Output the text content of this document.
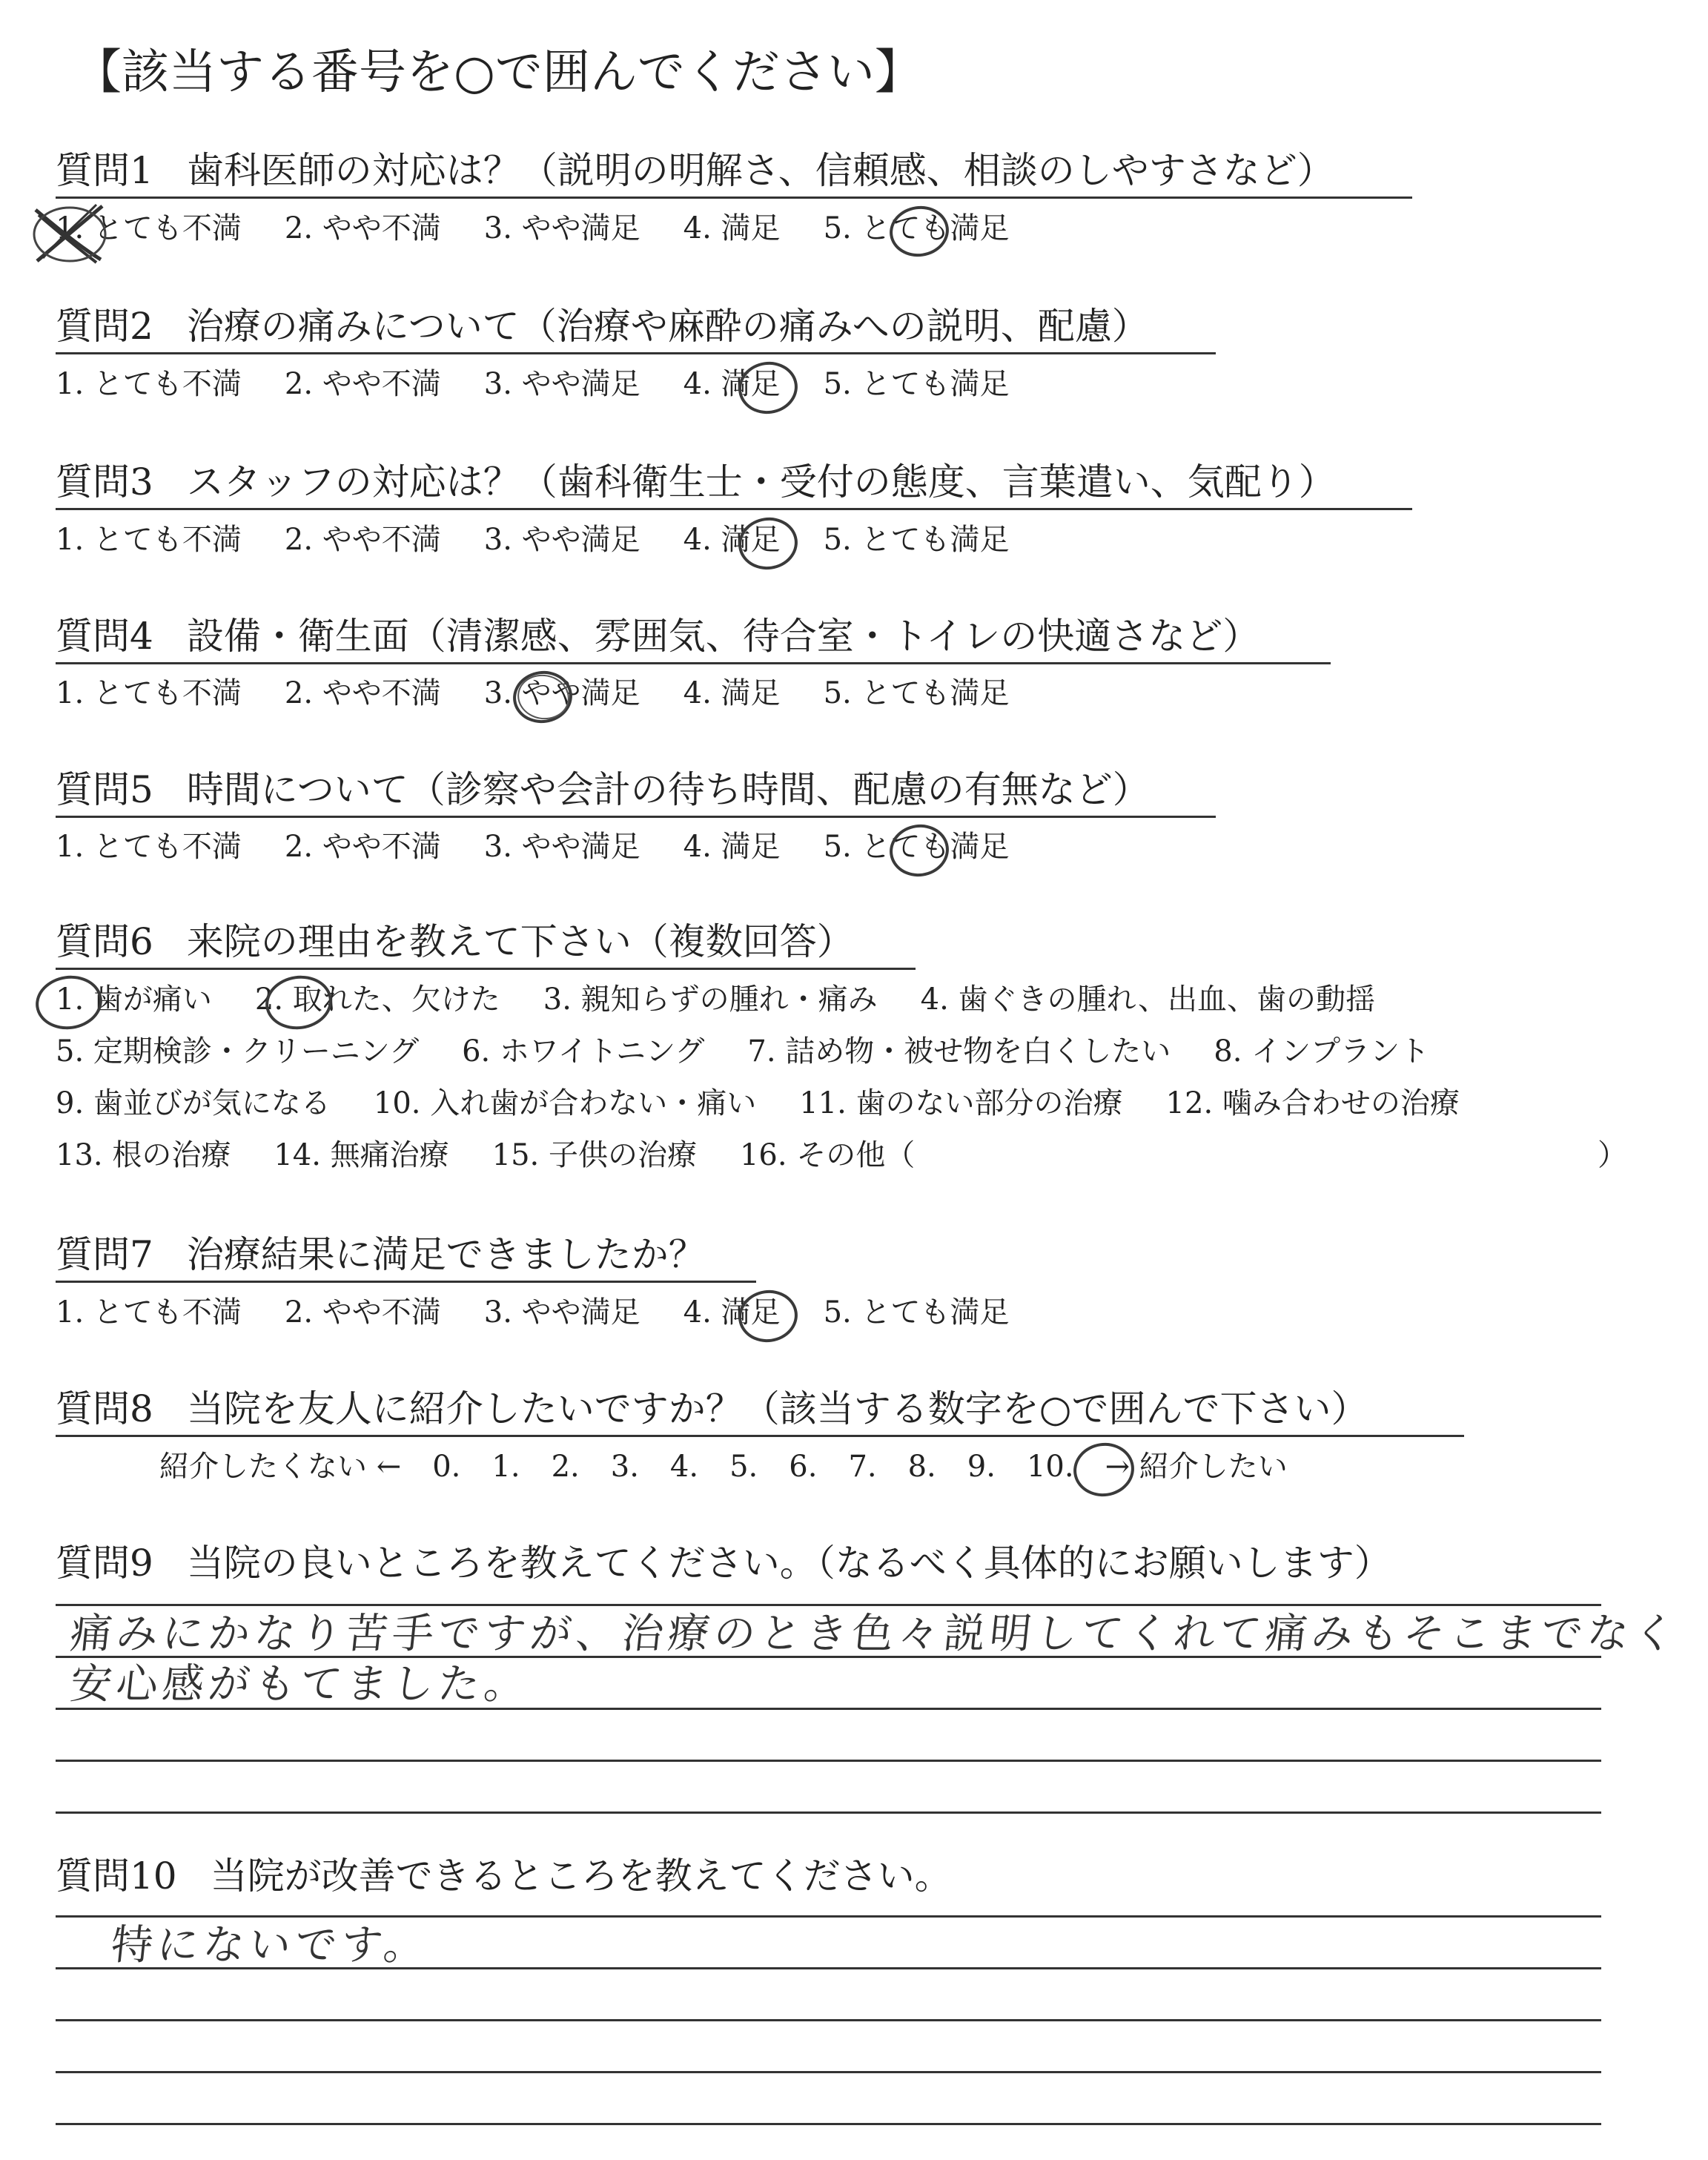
【該当する番号を○で囲んでください】
質問1 歯科医師の対応は？（説明の明解さ、信頼感、相談のしやすさなど）
1. とても不満 2. やや不満 3. やや満足 4. 満足 5. とても満足
質問2 治療の痛みについて（治療や麻酔の痛みへの説明、配慮）
1. とても不満 2. やや不満 3. やや満足 4. 満足 5. とても満足
質問3 スタッフの対応は？（歯科衛生士・受付の態度、言葉遣い、気配り）
1. とても不満 2. やや不満 3. やや満足 4. 満足 5. とても満足
質問4 設備・衛生面（清潔感、雰囲気、待合室・トイレの快適さなど）
1. とても不満 2. やや不満 3. やや満足 4. 満足 5. とても満足
質問5 時間について（診察や会計の待ち時間、配慮の有無など）
1. とても不満 2. やや不満 3. やや満足 4. 満足 5. とても満足
質問6 来院の理由を教えて下さい（複数回答）
1. 歯が痛い 2. 取れた、欠けた 3. 親知らずの腫れ・痛み 4. 歯ぐきの腫れ、出血、歯の動揺
5. 定期検診・クリーニング 6. ホワイトニング 7. 詰め物・被せ物を白くしたい 8. インプラント
9. 歯並びが気になる 10. 入れ歯が合わない・痛い 11. 歯のない部分の治療 12. 噛み合わせの治療
13. 根の治療 14. 無痛治療 15. 子供の治療 16. その他（	）
質問7 治療結果に満足できましたか？
1. とても不満 2. やや不満 3. やや満足 4. 満足 5. とても満足
質問8 当院を友人に紹介したいですか？（該当する数字を○で囲んで下さい）
紹介したくない ← 0. 1. 2. 3. 4. 5. 6. 7. 8. 9. 10. → 紹介したい
質問9 当院の良いところを教えてください。（なるべく具体的にお願いします）
痛みにかなり苦手ですが、治療のとき色々説明してくれて痛みもそこまでなく
安心感がもてました。
質問10 当院が改善できるところを教えてください。
特にないです。
